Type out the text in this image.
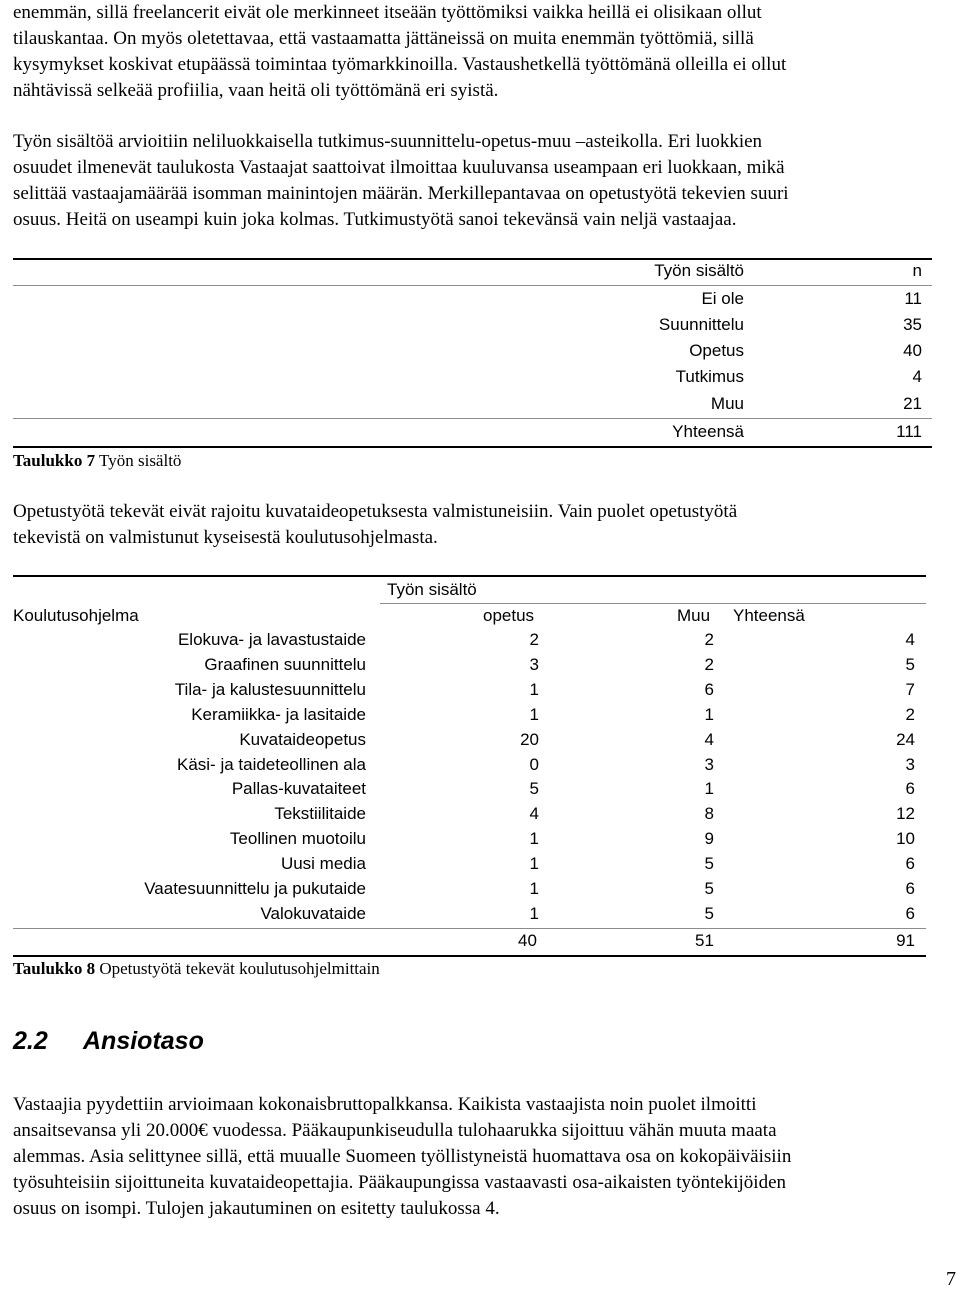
enemmän, sillä freelancerit eivät ole merkinneet itseään työttömiksi vaikka heillä ei olisikaan ollut
tilauskantaa. On myös oletettavaa, että vastaamatta jättäneissä on muita enemmän työttömiä, sillä
kysymykset koskivat etupäässä toimintaa työmarkkinoilla. Vastaushetkellä työttömänä olleilla ei ollut
nähtävissä selkeää profiilia, vaan heitä oli työttömänä eri syistä.
Työn sisältöä arvioitiin neliluokkaisella tutkimus-suunnittelu-opetus-muu –asteikolla. Eri luokkien
osuudet ilmenevät taulukosta Vastaajat saattoivat ilmoittaa kuuluvansa useampaan eri luokkaan, mikä
selittää vastaajamäärää isomman mainintojen määrän. Merkillepantavaa on opetustyötä tekevien suuri
osuus. Heitä on useampi kuin joka kolmas. Tutkimustyötä sanoi tekevänsä vain neljä vastaajaa.
Työn sisältö	n
Ei ole	11
Suunnittelu	35
Opetus	40
Tutkimus	4
Muu	21
Yhteensä	111
Taulukko 7 Työn sisältö
Opetustyötä tekevät eivät rajoitu kuvataideopetuksesta valmistuneisiin. Vain puolet opetustyötä
tekevistä on valmistunut kyseisestä koulutusohjelmasta.
Työn sisältö
Koulutusohjelma	opetus	Muu Yhteensä
Elokuva- ja lavastustaide	2	2	4
Graafinen suunnittelu	3	2	5
Tila- ja kalustesuunnittelu	1	6	7
Keramiikka- ja lasitaide	1	1	2
Kuvataideopetus	20	4	24
Käsi- ja taideteollinen ala	0	3	3
Pallas-kuvataiteet	5	1	6
Tekstiilitaide	4	8	12
Teollinen muotoilu	1	9	10
Uusi media	1	5	6
Vaatesuunnittelu ja pukutaide	1	5	6
Valokuvataide	1	5	6
40	51	91
Taulukko 8 Opetustyötä tekevät koulutusohjelmittain
2.2 Ansiotaso
Vastaajia pyydettiin arvioimaan kokonaisbruttopalkkansa. Kaikista vastaajista noin puolet ilmoitti
ansaitsevansa yli 20.000€ vuodessa. Pääkaupunkiseudulla tulohaarukka sijoittuu vähän muuta maata
alemmas. Asia selittynee sillä, että muualle Suomeen työllistyneistä huomattava osa on kokopäiväisiin
työsuhteisiin sijoittuneita kuvataideopettajia. Pääkaupungissa vastaavasti osa-aikaisten työntekijöiden
osuus on isompi. Tulojen jakautuminen on esitetty taulukossa 4.
7
